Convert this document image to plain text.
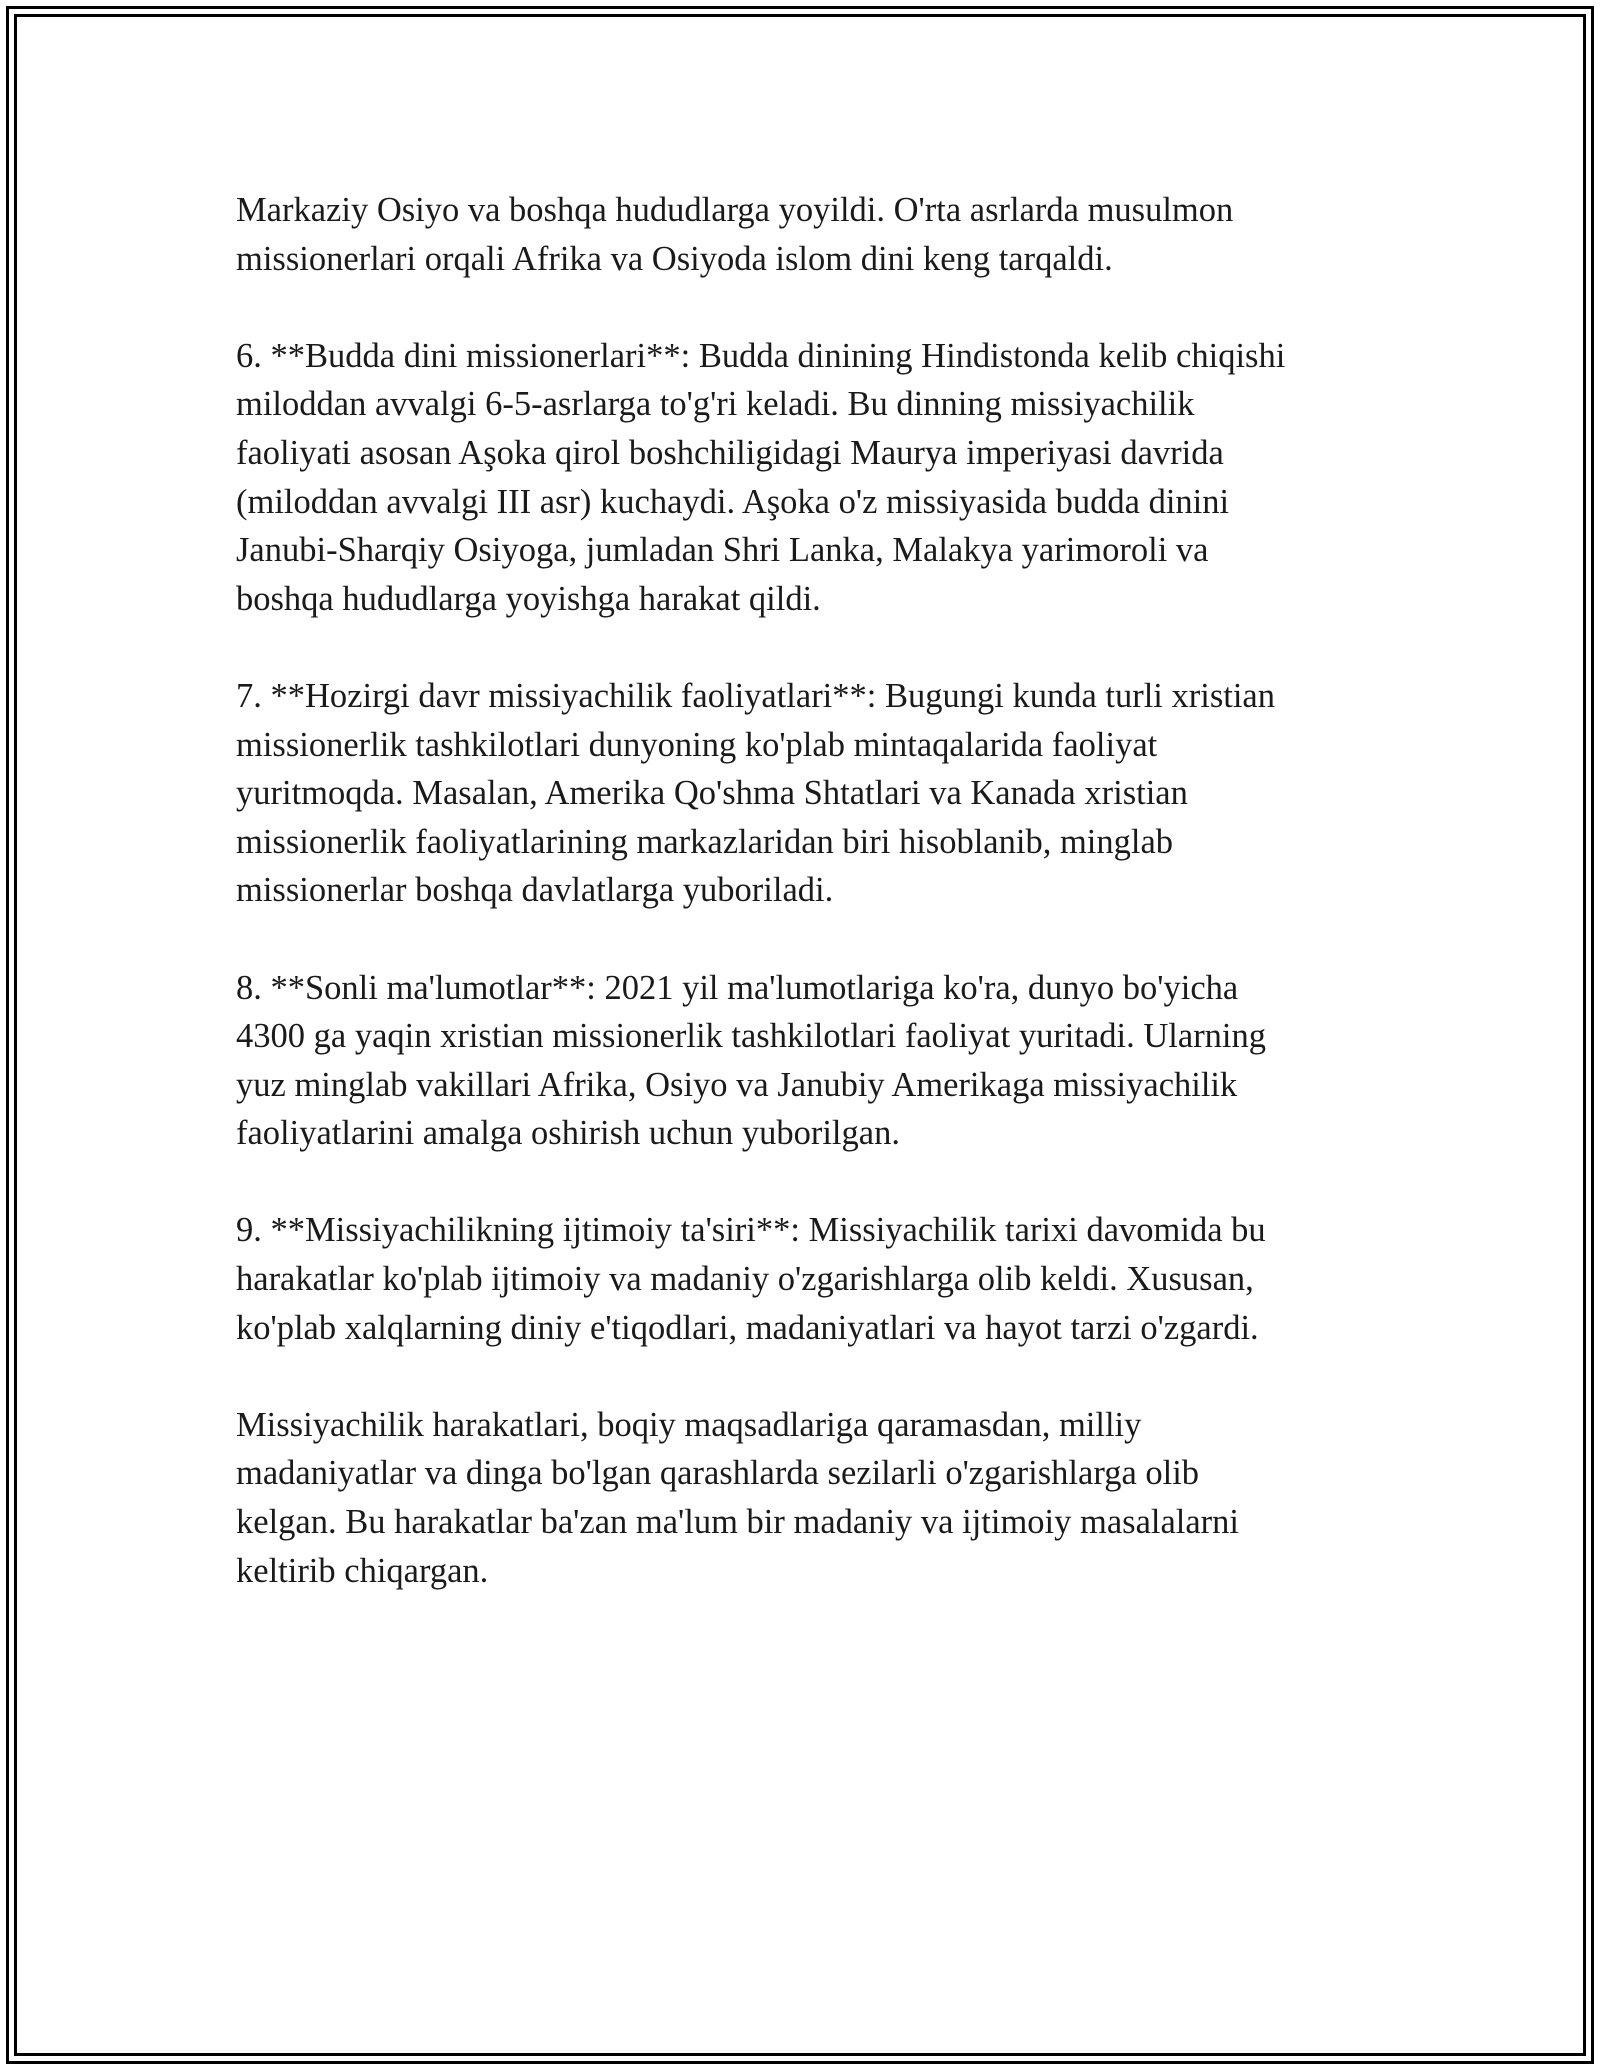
Markaziy Osiyo va boshqa hududlarga yoyildi. O'rta asrlarda musulmon
missionerlari orqali Afrika va Osiyoda islom dini keng tarqaldi.

6. **Budda dini missionerlari**: Budda dinining Hindistonda kelib chiqishi
miloddan avvalgi 6-5-asrlarga to'g'ri keladi. Bu dinning missiyachilik
faoliyati asosan Aşoka qirol boshchiligidagi Maurya imperiyasi davrida
(miloddan avvalgi III asr) kuchaydi. Aşoka o'z missiyasida budda dinini
Janubi-Sharqiy Osiyoga, jumladan Shri Lanka, Malakya yarimoroli va
boshqa hududlarga yoyishga harakat qildi.

7. **Hozirgi davr missiyachilik faoliyatlari**: Bugungi kunda turli xristian
missionerlik tashkilotlari dunyoning ko'plab mintaqalarida faoliyat
yuritmoqda. Masalan, Amerika Qo'shma Shtatlari va Kanada xristian
missionerlik faoliyatlarining markazlaridan biri hisoblanib, minglab
missionerlar boshqa davlatlarga yuboriladi.

8. **Sonli ma'lumotlar**: 2021 yil ma'lumotlariga ko'ra, dunyo bo'yicha
4300 ga yaqin xristian missionerlik tashkilotlari faoliyat yuritadi. Ularning
yuz minglab vakillari Afrika, Osiyo va Janubiy Amerikaga missiyachilik
faoliyatlarini amalga oshirish uchun yuborilgan.

9. **Missiyachilikning ijtimoiy ta'siri**: Missiyachilik tarixi davomida bu
harakatlar ko'plab ijtimoiy va madaniy o'zgarishlarga olib keldi. Xususan,
ko'plab xalqlarning diniy e'tiqodlari, madaniyatlari va hayot tarzi o'zgardi.

Missiyachilik harakatlari, boqiy maqsadlariga qaramasdan, milliy
madaniyatlar va dinga bo'lgan qarashlarda sezilarli o'zgarishlarga olib
kelgan. Bu harakatlar ba'zan ma'lum bir madaniy va ijtimoiy masalalarni
keltirib chiqargan.
